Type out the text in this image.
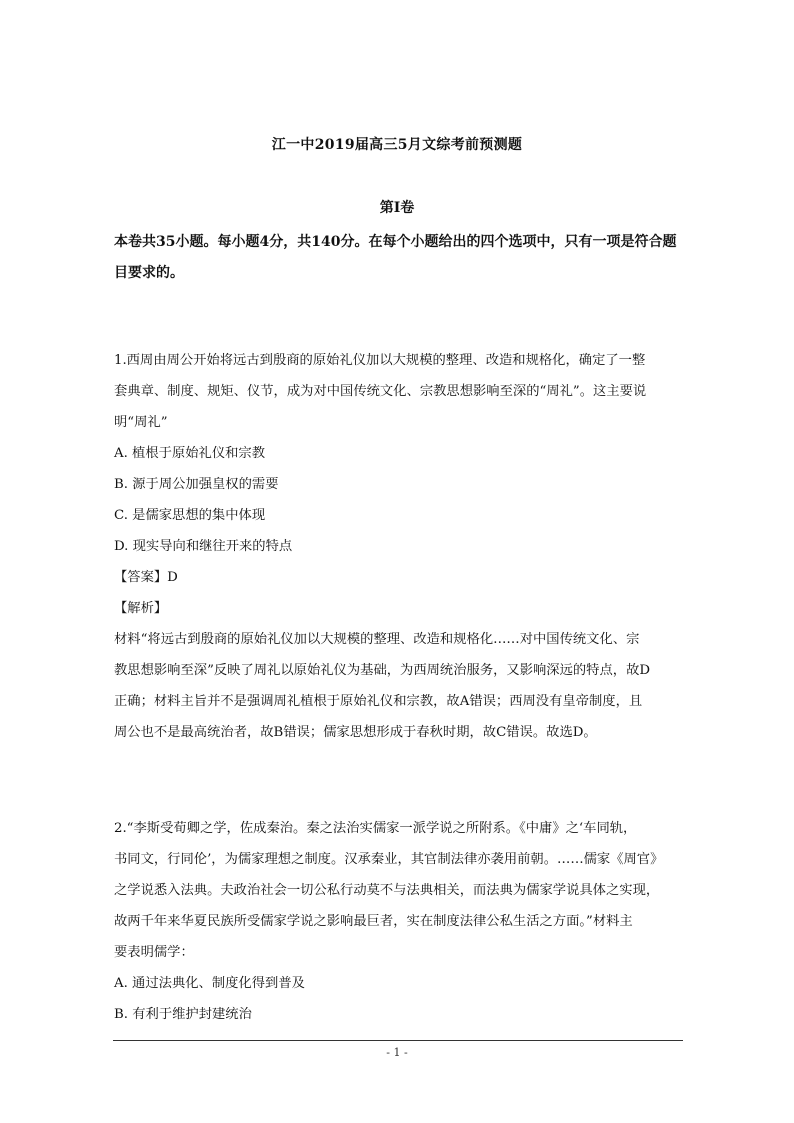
江一中2019届高三5月文综考前预测题
第Ⅰ卷
本卷共35小题。每小题4分，共140分。在每个小题给出的四个选项中，只有一项是符合题
目要求的。
1.西周由周公开始将远古到殷商的原始礼仪加以大规模的整理、改造和规格化，确定了一整
套典章、制度、规矩、仪节，成为对中国传统文化、宗教思想影响至深的“周礼”。这主要说
明“周礼”
A. 植根于原始礼仪和宗教
B. 源于周公加强皇权的需要
C. 是儒家思想的集中体现
D. 现实导向和继往开来的特点
【答案】D
【解析】
材料“将远古到殷商的原始礼仪加以大规模的整理、改造和规格化……对中国传统文化、宗
教思想影响至深”反映了周礼以原始礼仪为基础，为西周统治服务，又影响深远的特点，故D
正确；材料主旨并不是强调周礼植根于原始礼仪和宗教，故A错误；西周没有皇帝制度，且
周公也不是最高统治者，故B错误；儒家思想形成于春秋时期，故C错误。故选D。
2.“李斯受荀卿之学，佐成秦治。秦之法治实儒家一派学说之所附系。《中庸》之‘车同轨，
书同文，行同伦’，为儒家理想之制度。汉承秦业，其官制法律亦袭用前朝。……儒家《周官》
之学说悉入法典。夫政治社会一切公私行动莫不与法典相关，而法典为儒家学说具体之实现，
故两千年来华夏民族所受儒家学说之影响最巨者，实在制度法律公私生活之方面。”材料主
要表明儒学：
A. 通过法典化、制度化得到普及
B. 有利于维护封建统治
- 1 -
